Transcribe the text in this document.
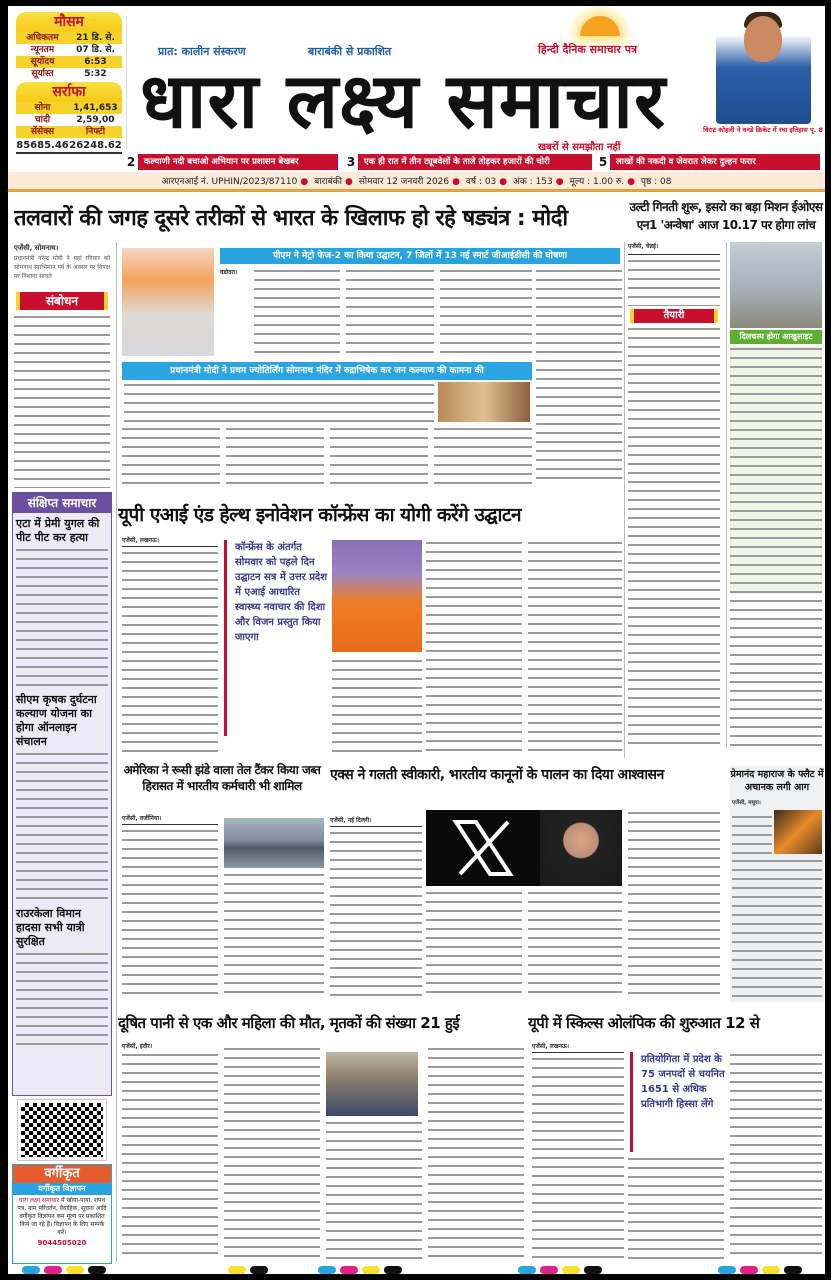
मौसम
अधिकतम	21 डि. से.
न्यूनतम	07 डि. से.
सूर्योदय	6:53
सूर्यास्त	5:32
सर्राफा
सोना	1,41,653
चांदी	2,59,00
सेंसेक्स	निफ्टी
85685.46 26248.62
प्रात: कालीन संस्करण	बाराबंकी से प्रकाशित	हिन्दी दैनिक समाचार पत्र
धारा लक्ष्य समाचार
खबरों से समझौता नहीं
विराट कोहली ने वनडे क्रिकेट में रचा इतिहास पृ. 8
2	कल्याणी नदी बचाओ अभियान पर प्रशासन बेखबर	3	एक ही रात में तीन ट्यूबवेलों के ताले तोड़कर हजारों की चोरी	5	लाखों की नकदी व जेवरात लेकर दुल्हन फरार
आरएनआई नं. UPHIN/2023/87110 ● बाराबंकी ● सोमवार 12 जनवरी 2026 ● वर्ष : 03 ● अंक : 153 ● मूल्य : 1.00 रु. ● पृष्ठ : 08
तलवारों की जगह दूसरे तरीकों से भारत के खिलाफ हो रहे षड्यंत्र : मोदी	उल्टी गिनती शुरू, इसरो का बड़ा मिशन ईओएस एन1 'अन्वेषा' आज 10.17 पर होगा लांच
एजेंसी, सोमनाथ।
प्रधानमंत्री नरेन्द्र मोदी ने यहां रविवार को सोमनाथ स्वाभिमान पर्व के अवसर पर विपक्ष पर निशाना साधते
संबोधन
पीएम ने मेट्रो फेज-2 का किया उद्घाटन, 7 जिलों में 13 नई स्मार्ट जीआईडीसी की घोषणा
वडोदरा।
प्रधानमंत्री मोदी ने प्रथम ज्योतिर्लिंग सोमनाथ मंदिर में रुद्राभिषेक कर जन कल्याण की कामना की
एजेंसी, चेन्नई।
तैयारी
दिलचस्प होगा आखुलाइट
संक्षिप्त समाचार
एटा में प्रेमी युगल की पीट पीट कर हत्या
सीएम कृषक दुर्घटना कल्याण योजना का होगा ऑनलाइन संचालन
राउरकेला विमान हादसा सभी यात्री सुरक्षित
यूपी एआई एंड हेल्थ इनोवेशन कॉन्फ्रेंस का योगी करेंगे उद्घाटन
एजेंसी, लखनऊ।
कॉन्फ्रेंस के अंतर्गत सोमवार को पहले दिन उद्घाटन सत्र में उत्तर प्रदेश में एआई आधारित स्वास्थ्य नवाचार की दिशा और विजन प्रस्तुत किया जाएगा
अमेरिका ने रूसी झंडे वाला तेल टैंकर किया जब्त हिरासत में भारतीय कर्मचारी भी शामिल
एजेंसी, वर्जीनिया।
एक्स ने गलती स्वीकारी, भारतीय कानूनों के पालन का दिया आश्वासन
एजेंसी, नई दिल्ली।
प्रेमानंद महाराज के फ्लैट में अचानक लगी आग
एजेंसी, मथुरा।
दूषित पानी से एक और महिला की मौत, मृतकों की संख्या 21 हुई
एजेंसी, इंदौर।
यूपी में स्किल्स ओलंपिक की शुरुआत 12 से
एजेंसी, लखनऊ।
प्रतियोगिता में प्रदेश के 75 जनपदों से चयनित 1651 से अधिक प्रतिभागी हिस्सा लेंगे
वर्गीकृत
वर्गीकृत विज्ञापन
धारा लक्ष्य समाचार में खोया-पाया, शपथ पत्र, नाम परिवर्तन, वैवाहिक, सूचना आदि वर्गीकृत विज्ञापन कम मूल्य पर प्रकाशित किये जा रहे हैं। विज्ञापन के लिए सम्पर्क करें।
9044505020
